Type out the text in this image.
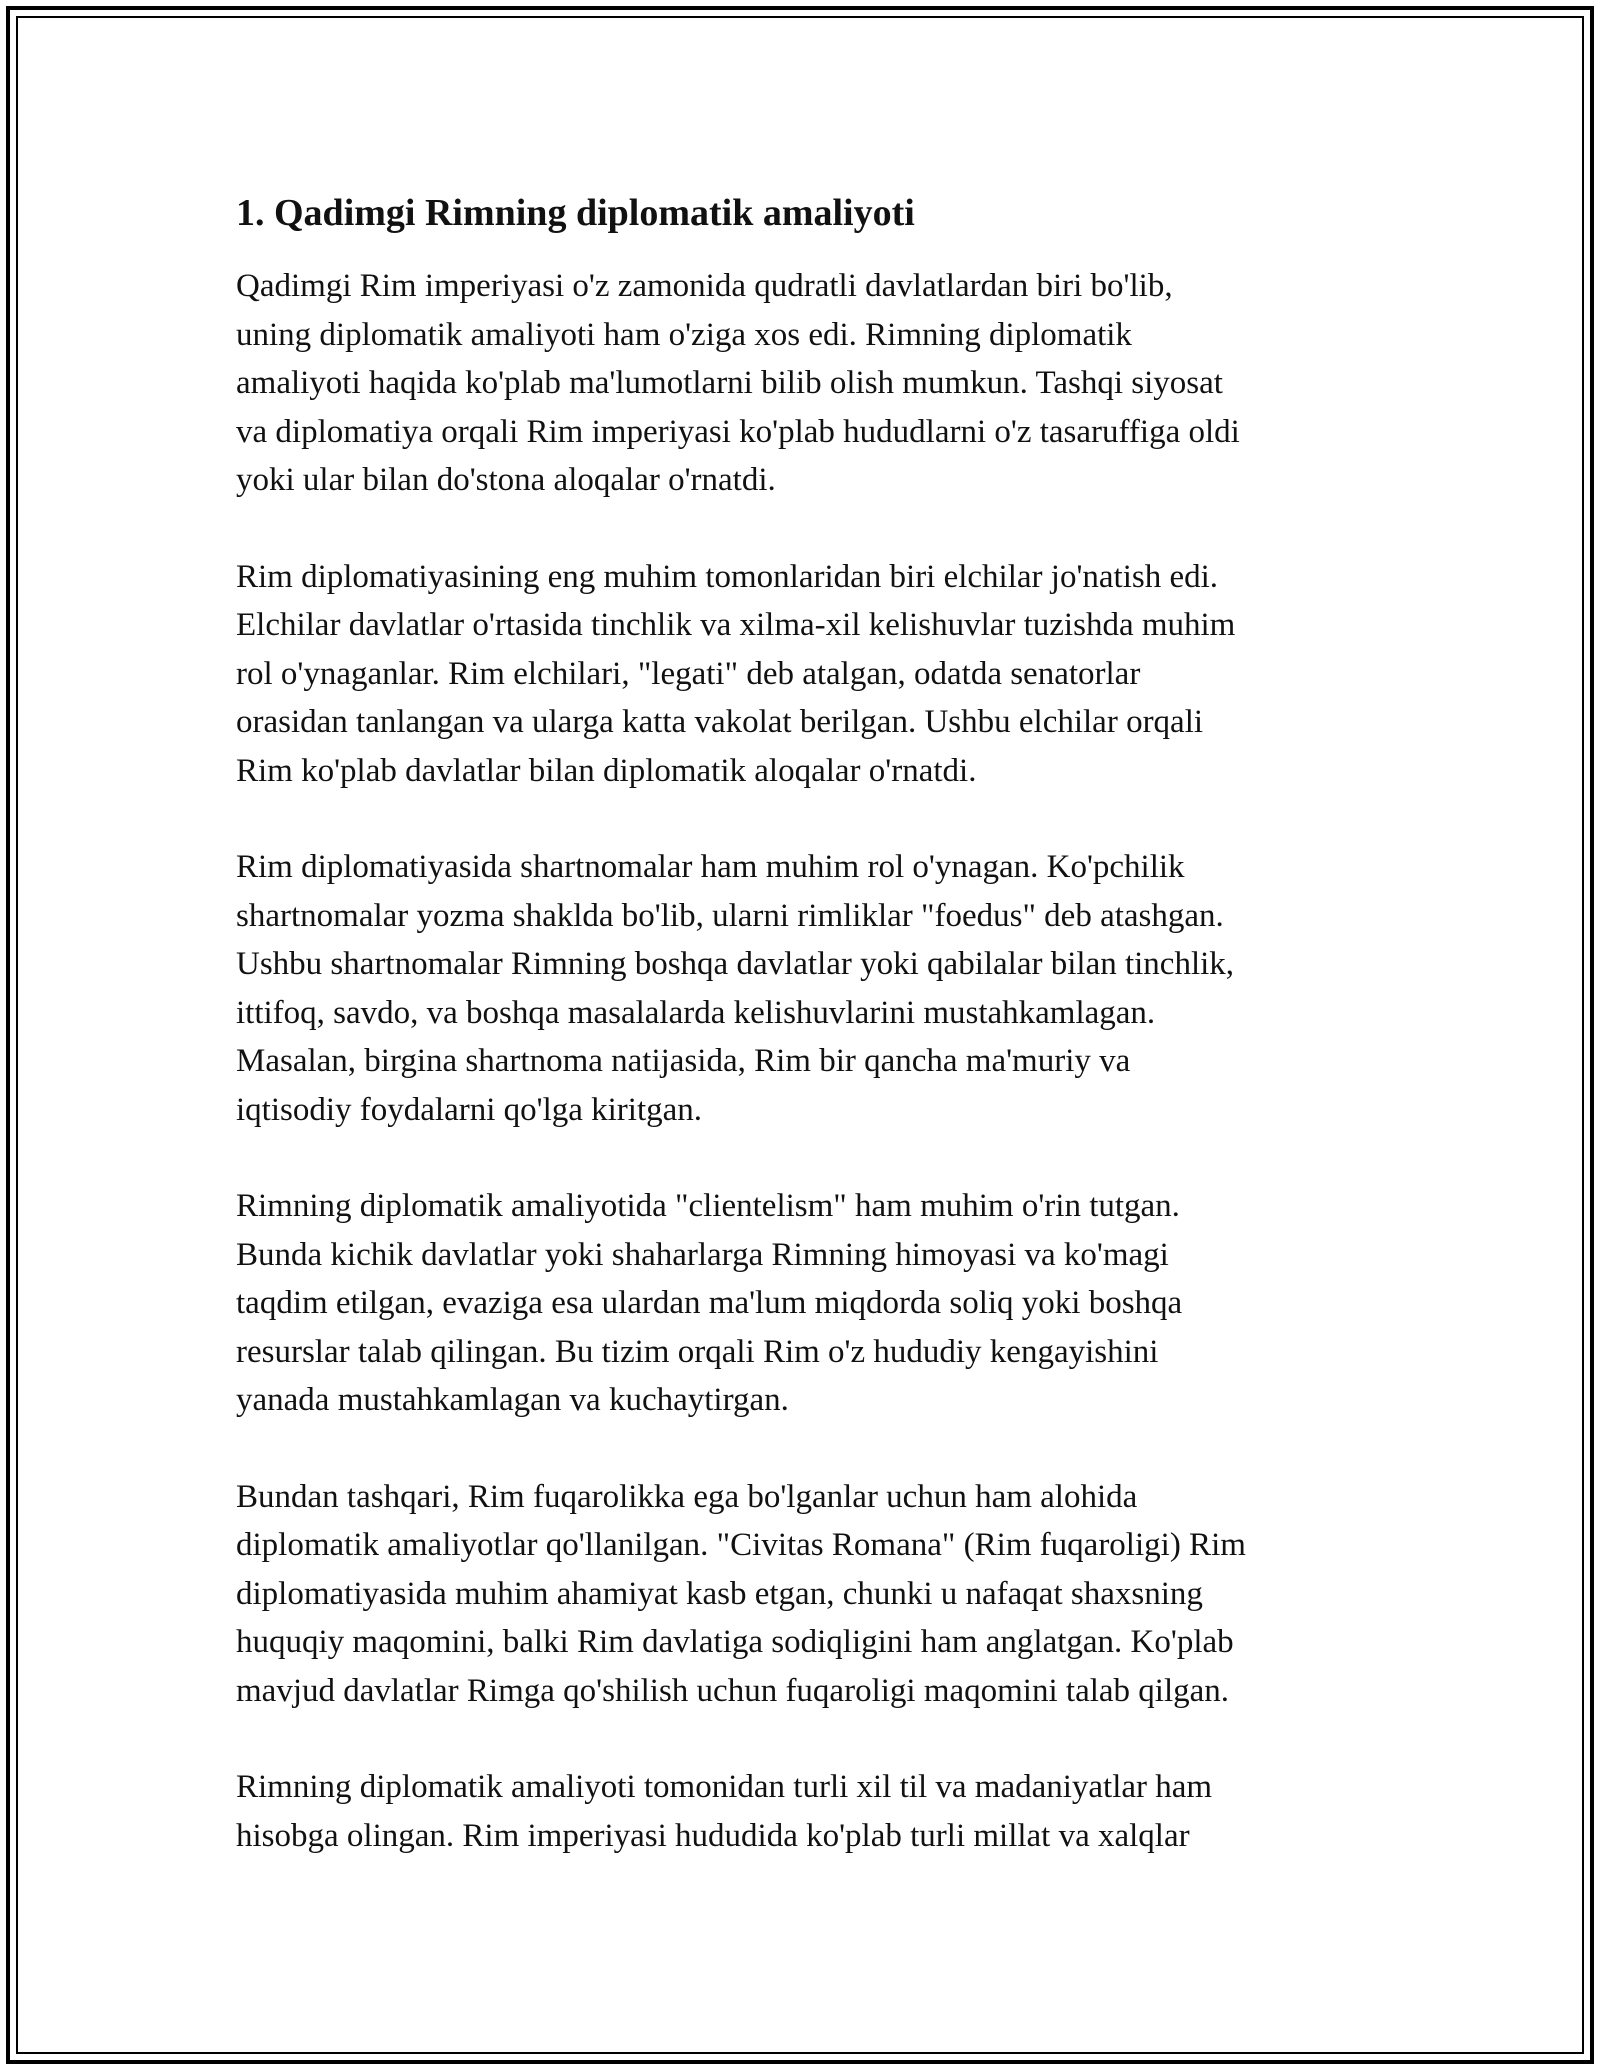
1. Qadimgi Rimning diplomatik amaliyoti

Qadimgi Rim imperiyasi o'z zamonida qudratli davlatlardan biri bo'lib,
uning diplomatik amaliyoti ham o'ziga xos edi. Rimning diplomatik
amaliyoti haqida ko'plab ma'lumotlarni bilib olish mumkun. Tashqi siyosat
va diplomatiya orqali Rim imperiyasi ko'plab hududlarni o'z tasaruffiga oldi
yoki ular bilan do'stona aloqalar o'rnatdi.

Rim diplomatiyasining eng muhim tomonlaridan biri elchilar jo'natish edi.
Elchilar davlatlar o'rtasida tinchlik va xilma-xil kelishuvlar tuzishda muhim
rol o'ynaganlar. Rim elchilari, "legati" deb atalgan, odatda senatorlar
orasidan tanlangan va ularga katta vakolat berilgan. Ushbu elchilar orqali
Rim ko'plab davlatlar bilan diplomatik aloqalar o'rnatdi.

Rim diplomatiyasida shartnomalar ham muhim rol o'ynagan. Ko'pchilik
shartnomalar yozma shaklda bo'lib, ularni rimliklar "foedus" deb atashgan.
Ushbu shartnomalar Rimning boshqa davlatlar yoki qabilalar bilan tinchlik,
ittifoq, savdo, va boshqa masalalarda kelishuvlarini mustahkamlagan.
Masalan, birgina shartnoma natijasida, Rim bir qancha ma'muriy va
iqtisodiy foydalarni qo'lga kiritgan.

Rimning diplomatik amaliyotida "clientelism" ham muhim o'rin tutgan.
Bunda kichik davlatlar yoki shaharlarga Rimning himoyasi va ko'magi
taqdim etilgan, evaziga esa ulardan ma'lum miqdorda soliq yoki boshqa
resurslar talab qilingan. Bu tizim orqali Rim o'z hududiy kengayishini
yanada mustahkamlagan va kuchaytirgan.

Bundan tashqari, Rim fuqarolikka ega bo'lganlar uchun ham alohida
diplomatik amaliyotlar qo'llanilgan. "Civitas Romana" (Rim fuqaroligi) Rim
diplomatiyasida muhim ahamiyat kasb etgan, chunki u nafaqat shaxsning
huquqiy maqomini, balki Rim davlatiga sodiqligini ham anglatgan. Ko'plab
mavjud davlatlar Rimga qo'shilish uchun fuqaroligi maqomini talab qilgan.

Rimning diplomatik amaliyoti tomonidan turli xil til va madaniyatlar ham
hisobga olingan. Rim imperiyasi hududida ko'plab turli millat va xalqlar
